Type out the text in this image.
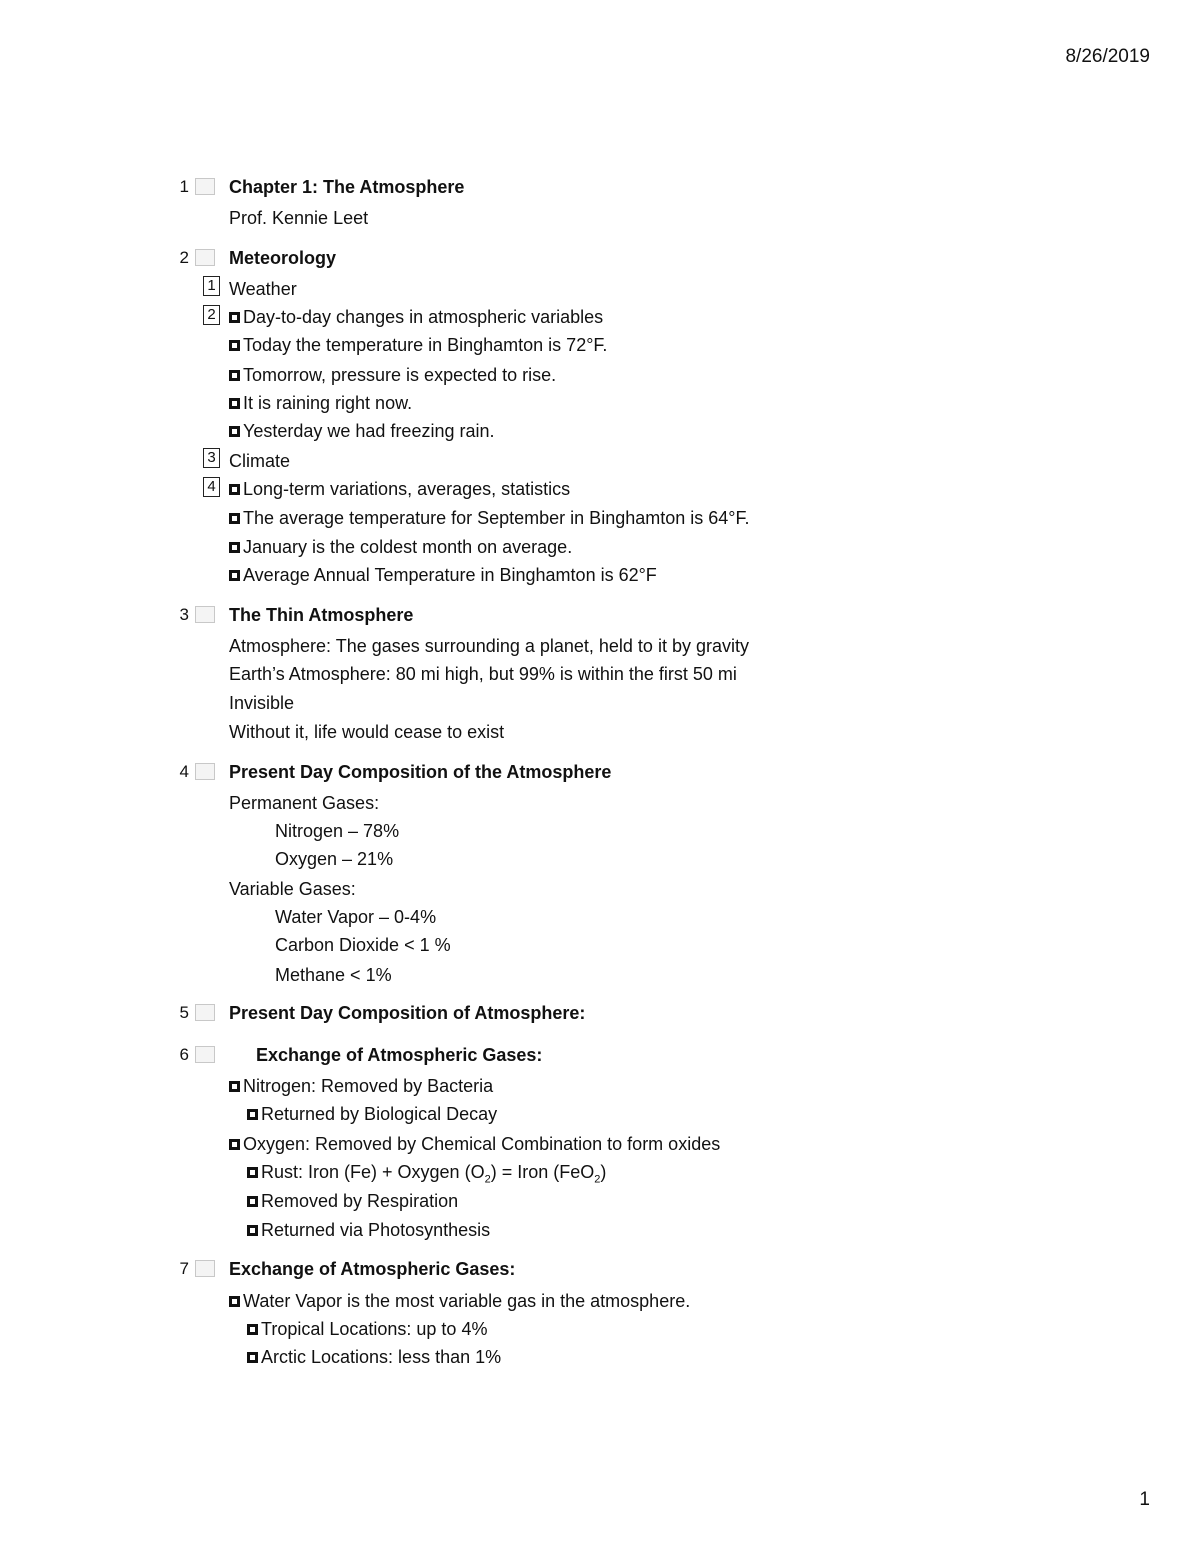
8/26/2019
1 Chapter 1: The Atmosphere
Prof. Kennie Leet
2 Meteorology
1 Weather
2	Day-to-day changes in atmospheric variables
Today the temperature in Binghamton is 72°F.
Tomorrow, pressure is expected to rise.
It is raining right now.
Yesterday we had freezing rain.
3 Climate
4	Long-term variations, averages, statistics
The average temperature for September in Binghamton is 64°F.
January is the coldest month on average.
Average Annual Temperature in Binghamton is 62°F
3 The Thin Atmosphere
Atmosphere: The gases surrounding a planet, held to it by gravity
Earth’s Atmosphere: 80 mi high, but 99% is within the first 50 mi
Invisible
Without it, life would cease to exist
4 Present Day Composition of the Atmosphere
Permanent Gases:
Nitrogen – 78%
Oxygen – 21%
Variable Gases:
Water Vapor – 0-4%
Carbon Dioxide < 1 %
Methane < 1%
5 Present Day Composition of Atmosphere:
6	Exchange of Atmospheric Gases:
Nitrogen: Removed by Bacteria
Returned by Biological Decay
Oxygen: Removed by Chemical Combination to form oxides
Rust: Iron (Fe) + Oxygen $(O_2)$ = Iron (FeO$_2$)
Removed by Respiration
Returned via Photosynthesis
7 Exchange of Atmospheric Gases:
Water Vapor is the most variable gas in the atmosphere.
Tropical Locations: up to 4%
Arctic Locations: less than 1%
1
